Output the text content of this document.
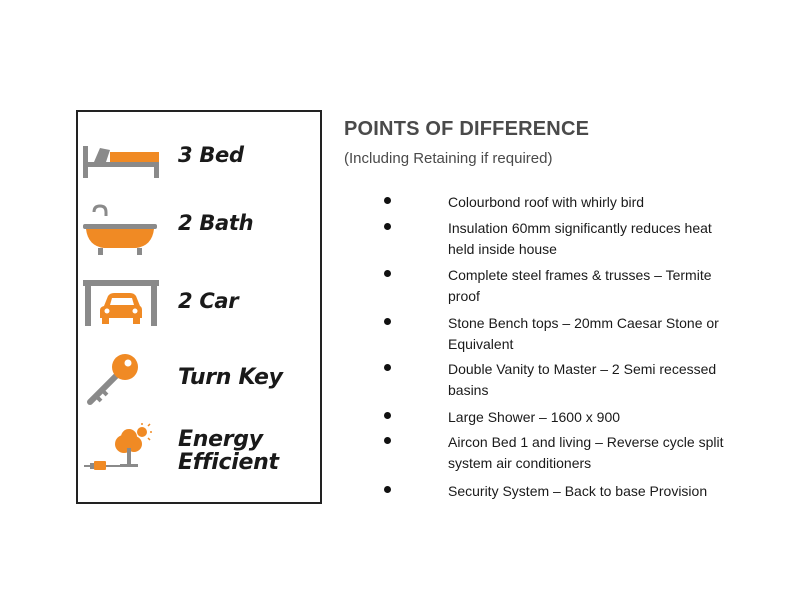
3 Bed
2 Bath
2 Car
Turn Key
Energy
Efficient
POINTS OF DIFFERENCE
(Including Retaining if required)
Colourbond roof with whirly bird
Insulation 60mm significantly reduces heat
held inside house
Complete steel frames & trusses – Termite
proof
Stone Bench tops – 20mm Caesar Stone or
Equivalent
Double Vanity to Master – 2 Semi recessed
basins
Large Shower – 1600 x 900
Aircon Bed 1 and living – Reverse cycle split
system air conditioners
Security System – Back to base Provision
